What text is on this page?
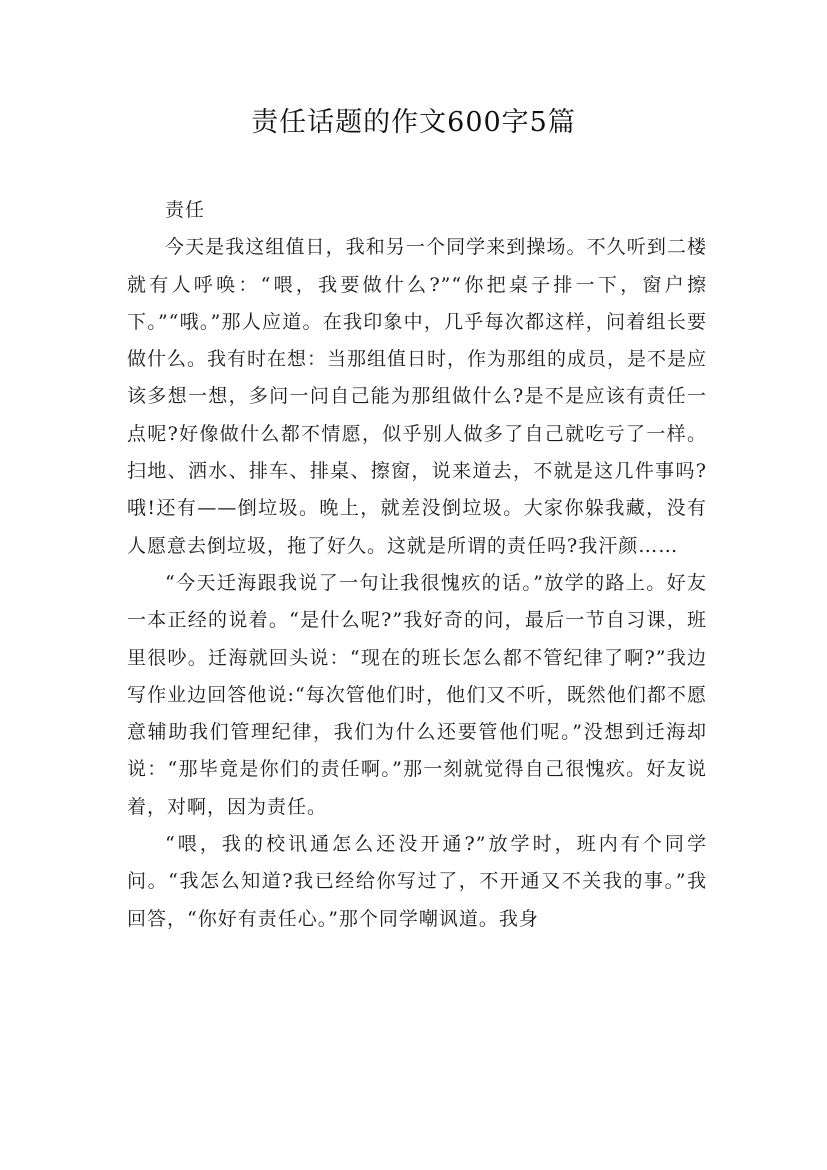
责任话题的作文600字5篇

责任

今天是我这组值日，我和另一个同学来到操场。不久听到二楼就有人呼唤：“喂，我要做什么?”“你把桌子排一下，窗户擦下。”“哦。”那人应道。在我印象中，几乎每次都这样，问着组长要做什么。我有时在想：当那组值日时，作为那组的成员，是不是应该多想一想，多问一问自己能为那组做什么?是不是应该有责任一点呢?好像做什么都不情愿，似乎别人做多了自己就吃亏了一样。扫地、洒水、排车、排桌、擦窗，说来道去，不就是这几件事吗?哦!还有——倒垃圾。晚上，就差没倒垃圾。大家你躲我藏，没有人愿意去倒垃圾，拖了好久。这就是所谓的责任吗?我汗颜……

“今天迁海跟我说了一句让我很愧疚的话。”放学的路上。好友一本正经的说着。“是什么呢?”我好奇的问，最后一节自习课，班里很吵。迁海就回头说：“现在的班长怎么都不管纪律了啊?”我边写作业边回答他说:“每次管他们时，他们又不听，既然他们都不愿意辅助我们管理纪律，我们为什么还要管他们呢。”没想到迁海却说：“那毕竟是你们的责任啊。”那一刻就觉得自己很愧疚。好友说着，对啊，因为责任。

“喂，我的校讯通怎么还没开通?”放学时，班内有个同学问。“我怎么知道?我已经给你写过了，不开通又不关我的事。”我回答，“你好有责任心。”那个同学嘲讽道。我身
